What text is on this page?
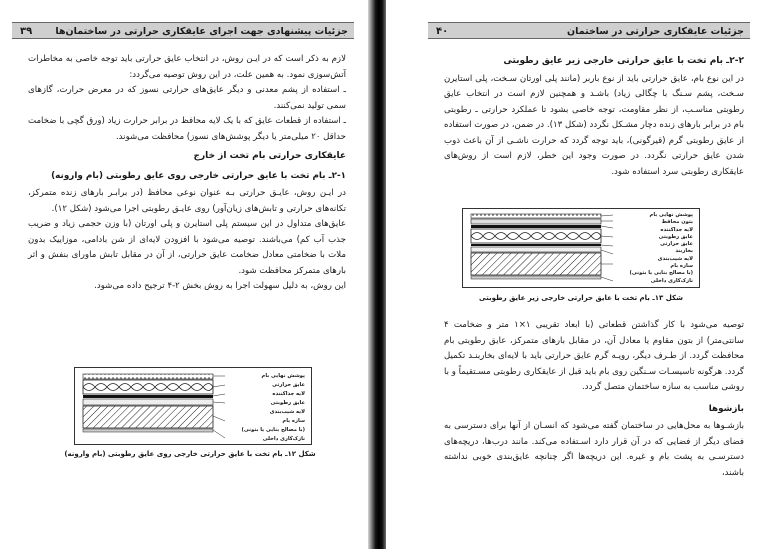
جزئیات پیشنهادی جهت اجرای عایقکاری حرارتی در ساختمان‌ها
۳۹

لازم به ذکر است که در ایـن روش، در انتخاب عایق حرارتی باید توجه خاصی به مخاطرات آتش‌سوزی نمود. به همین علت، در این روش توصیه می‌گردد:

ـ استفاده از پشم معدنی و دیگر عایق‌های حرارتی نسوز که در معرض حرارت، گازهای سمی تولید نمی‌کنند.

ـ استفاده از قطعات عایق که با یک لایه محافظ در برابر حرارت زیاد (ورق گچی با ضخامت حداقل ۲۰ میلی‌متر یا دیگر پوشش‌های نسوز) محافظت می‌شوند.

عایقکاری حرارتی بام تخت از خارج

۲-۱ـ بام تخت با عایق حرارتی خارجی روی عایق رطوبتی (بام وارونه)

در ایـن روش، عایـق حرارتی بـه عنوان نوعی محافظ (در برابـر بارهای زنده متمرکز، تکانه‌های حرارتی و تابش‌های زیان‌آور) روی عایـق رطوبتی اجرا می‌شود (شکل ۱۲).

عایق‌های متداول در این سیستم پلی استایرن و پلی اورتان (با وزن حجمی زیاد و ضریب جذب آب کم) می‌باشند. توصیه می‌شود با افزودن لایه‌ای از شن بادامی، موزاییک بدون ملات با ضخامتی معادل ضخامت عایق حرارتی، از آن در مقابل تابش ماورای بنفش و اثر بارهای متمرکز محافظت شود.

این روش، به دلیل سهولت اجرا به روش بخش ۲-۴ ترجیح داده می‌شود.

پوشش نهایی بام
عایق حرارتی
لایه جداکننده
عایق رطوبتی
لایه شیب‌بندی
سازه بام
(با مصالح بنایی یا بتونی)
نازک‌کاری داخلی
شکل ۱۲ـ بام تخت با عایق حرارتی خارجی روی عایق رطوبتی (بام وارونه)
جزئیات عایقکاری حرارتی در ساختمان
۴۰

۲-۲ـ بام تخت با عایق حرارتی خارجی زیر عایق رطوبتی

در این نوع بام، عایق حرارتی باید از نوع باربر (مانند پلی اورتان سـخت، پلی استایرن سـخت، پشم سـنگ با چگالی زیاد) باشـد و همچنین لازم است در انتخاب عایق رطوبتی مناسـب، از نظر مقاومت، توجه خاصی بشود تا عملکرد حرارتی ـ رطوبتی بام در برابر بارهای زنده دچار مشـکل نگردد (شکل ۱۳). در ضمن، در صورت استفاده از عایق رطوبتی گرم (قیرگونی)، باید توجه گردد که حرارت ناشـی از آن باعث ذوب شدن عایق حرارتی نگردد. در صورت وجود این خطر، لازم است از روش‌های عایقکاری رطوبتی سرد استفاده شود.

پوشش نهایی بام
بتون محافظ
لایه جداکننده
عایق رطوبتی
عایق حرارتی
بخاربند
لایه شیب‌بندی
سازه بام
(با مصالح بنایی یا بتونی)
نازک‌کاری داخلی
شکل ۱۳ـ بام تخت با عایق حرارتی خارجی زیر عایق رطوبتی

توصیه می‌شود با کار گذاشتن قطعاتی (با ابعاد تقریبی ۱×۱ متر و ضخامت ۴ سانتی‌متر) از بتون مقاوم یا معادل آن، در مقابل بارهای متمرکز، عایق رطوبتی بام محافظت گردد. از طـرف دیگر، رویـه گرم عایق حرارتی باید با لایه‌ای بخاربنـد تکمیل گردد. هرگونه تاسیسـات سـنگین روی بام باید قبل از عایقکاری رطوبتی مسـتقیماً و با روشی مناسب به سازه ساختمان متصل گردد.

بازشوها

بازشـوها به محل‌هایی در ساختمان گفته می‌شود که انسـان از آنها برای دسترسی به فضای دیگر از فضایی که در آن قرار دارد اسـتفاده می‌کند. مانند درب‌ها، دریچه‌های دسترسـی به پشت بام و غیره. این دریچه‌ها اگر چنانچه عایق‌بندی خوبی نداشته باشند،
